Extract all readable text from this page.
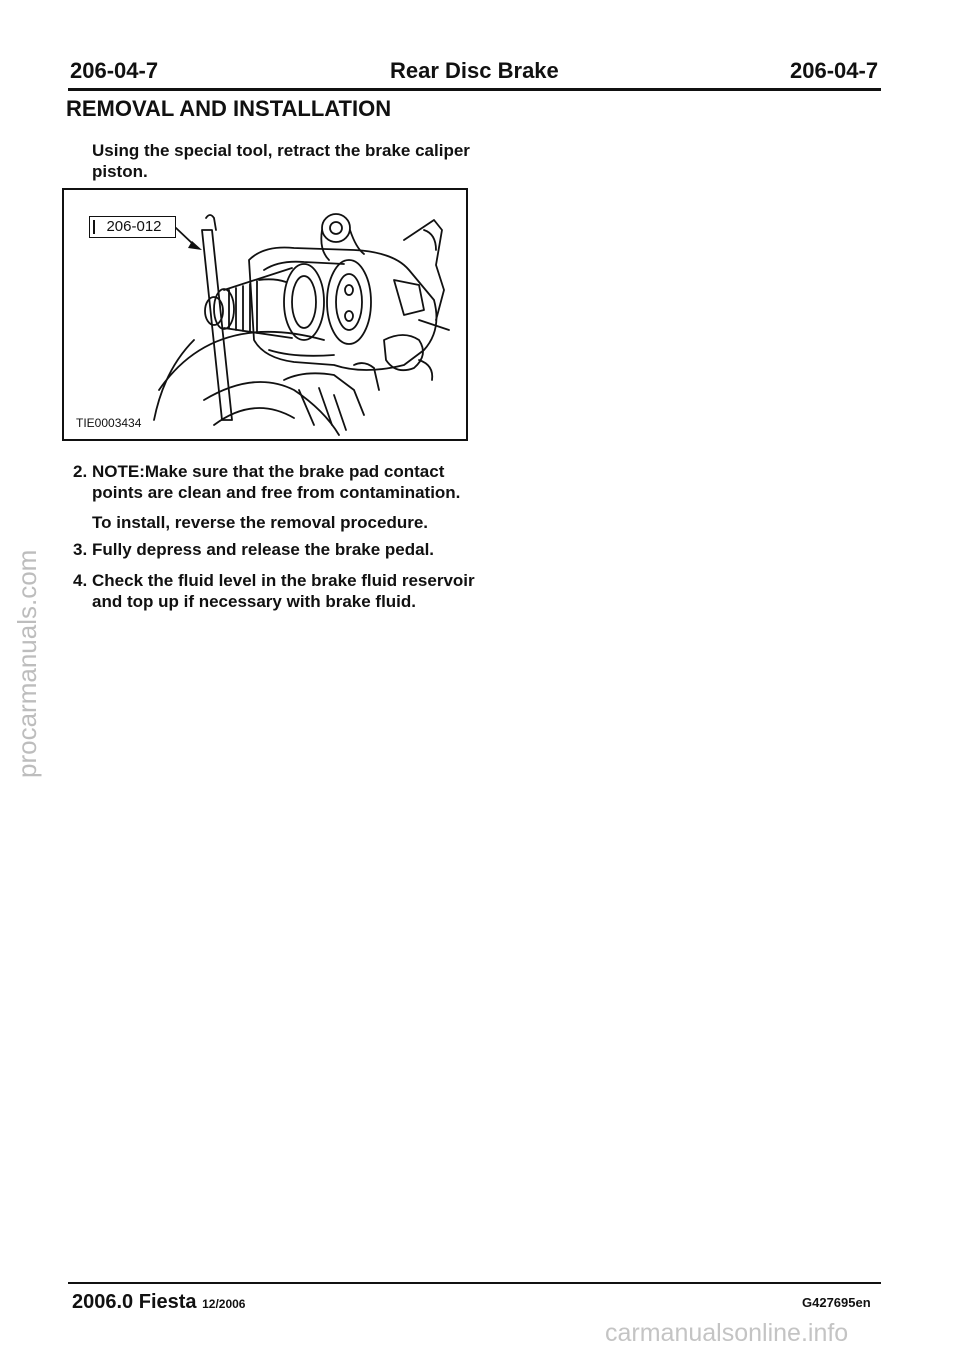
206-04-7	Rear Disc Brake	206-04-7
REMOVAL AND INSTALLATION
Using the special tool, retract the brake caliper piston.
206-012
TIE0003434
2. NOTE:Make sure that the brake pad contact points are clean and free from contamination.
To install, reverse the removal procedure.
3. Fully depress and release the brake pedal.
4. Check the fluid level in the brake fluid reservoir and top up if necessary with brake fluid.
2006.0 Fiesta 12/2006	G427695en
procarmanuals.com
carmanualsonline.info
